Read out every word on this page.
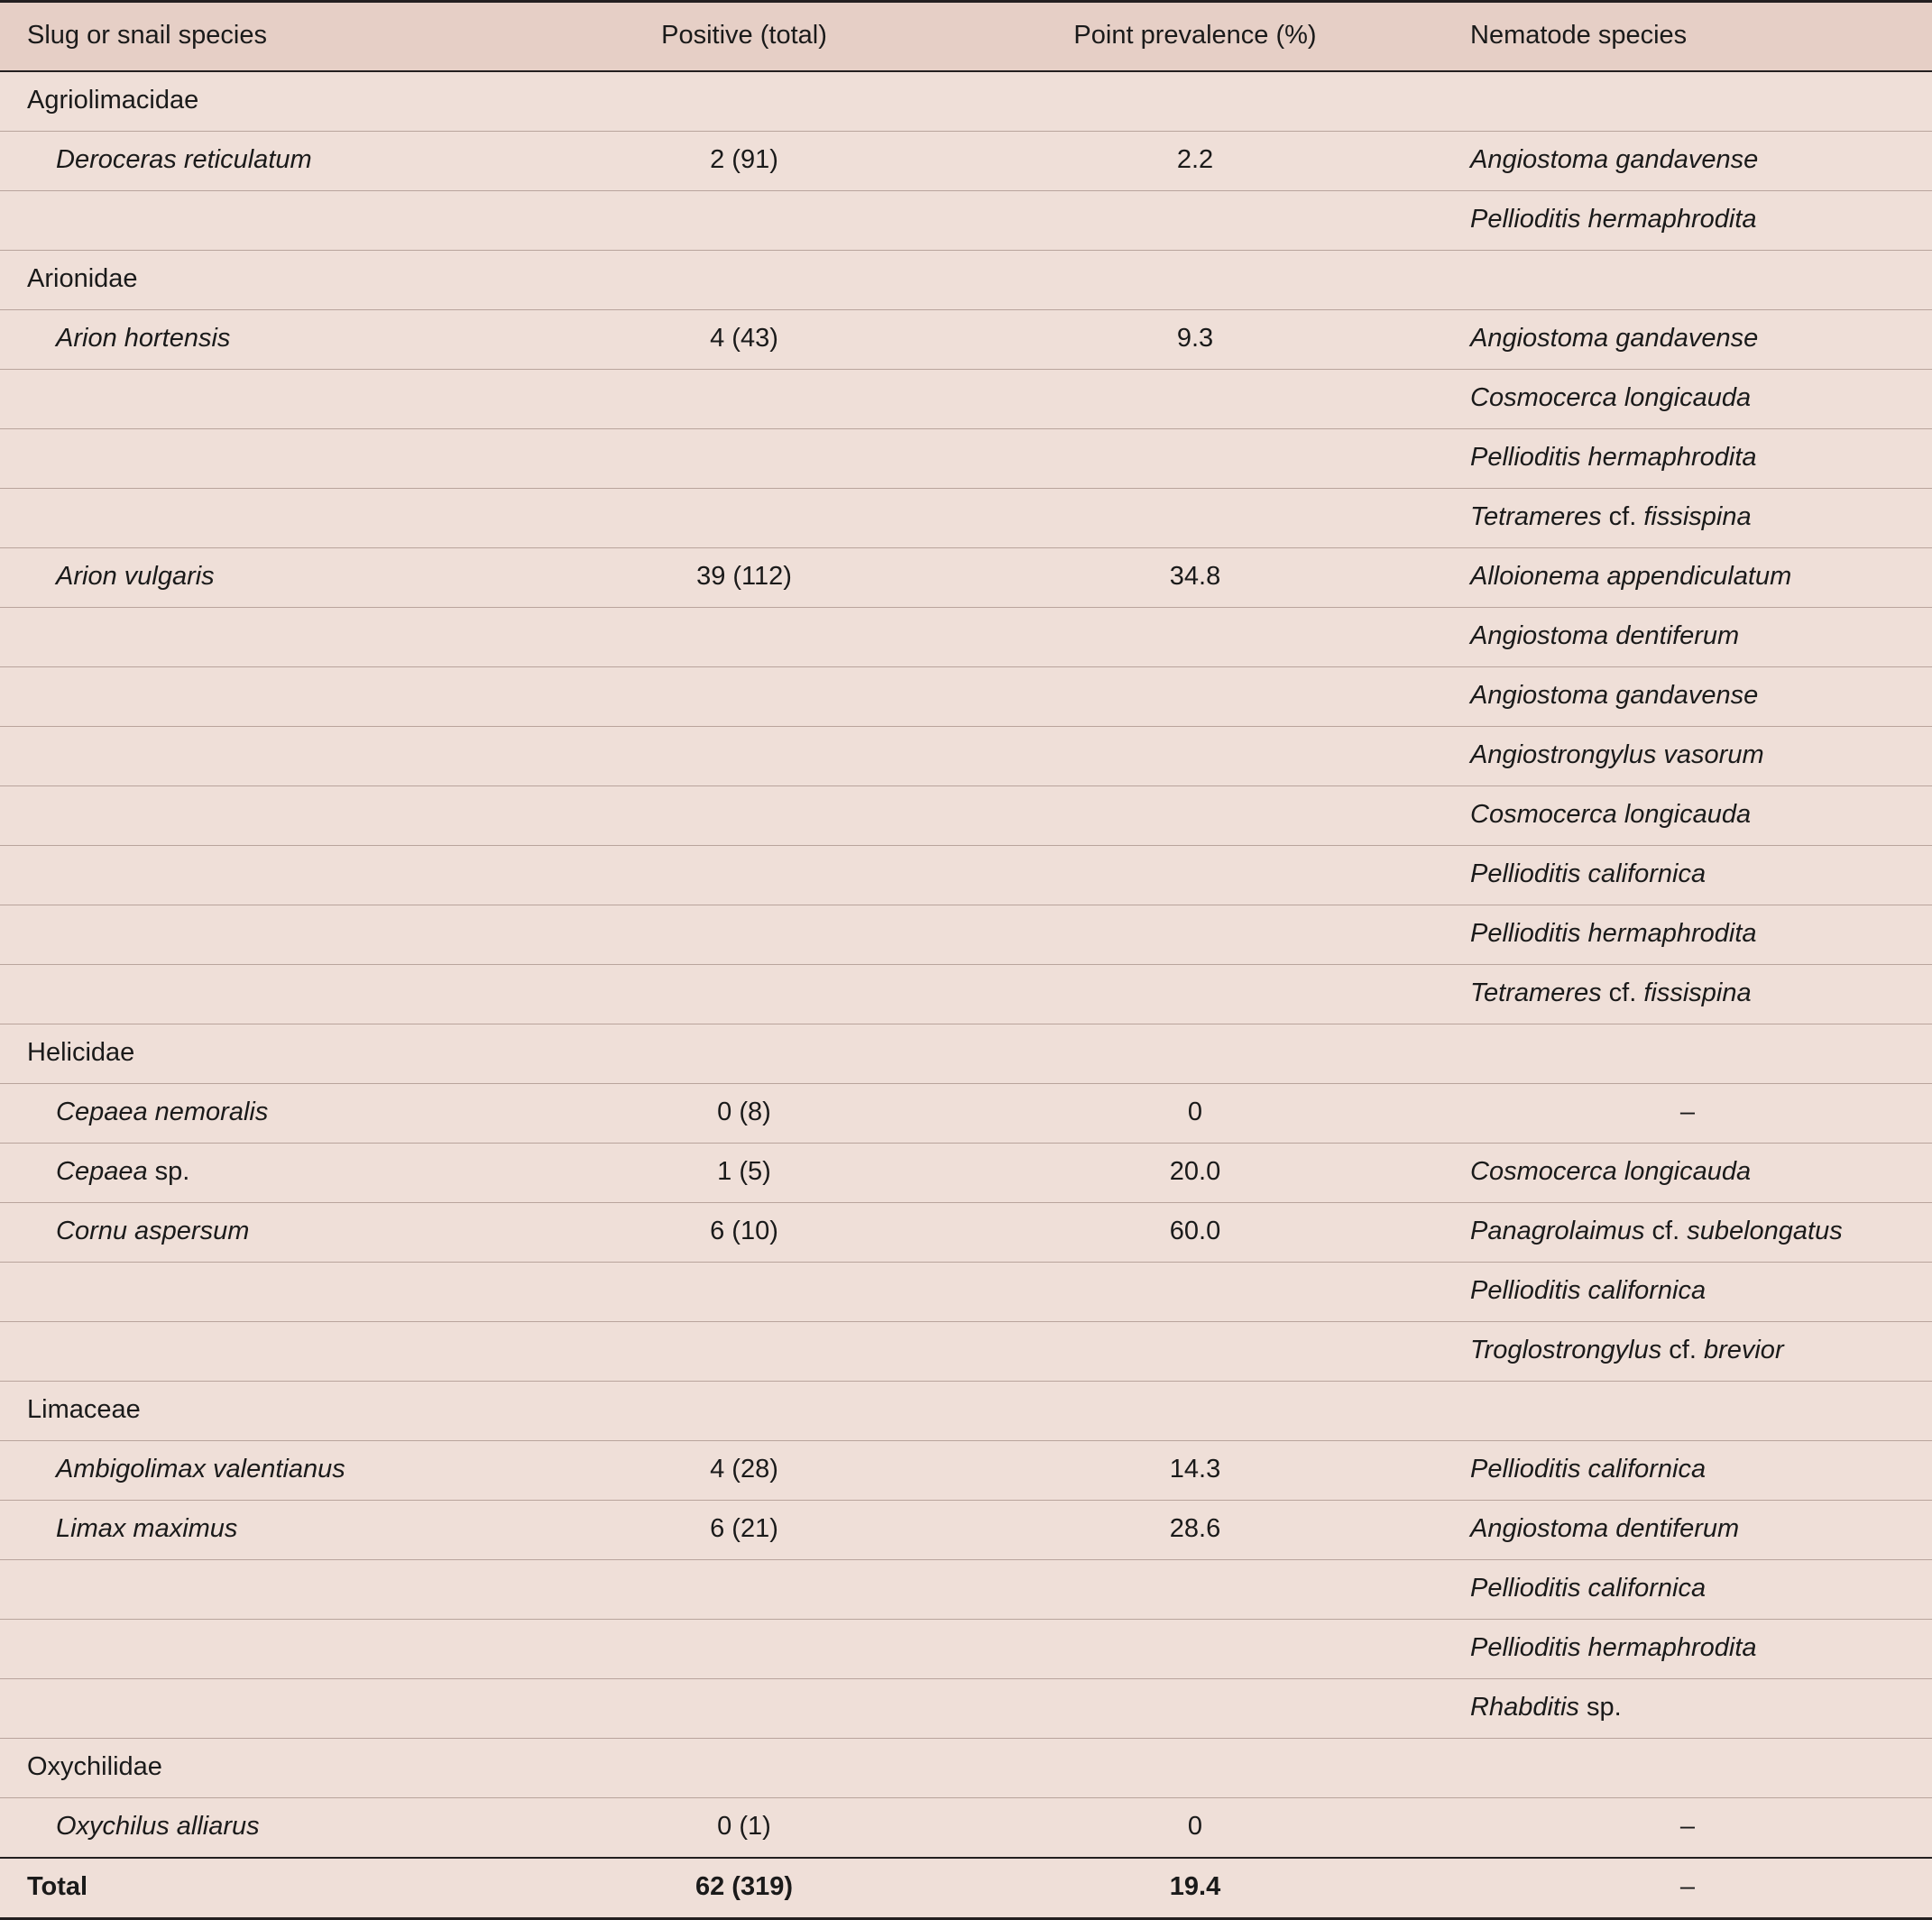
Slug or snail species	Positive (total)	Point prevalence (%)	Nematode species
Agriolimacidae			
Deroceras reticulatum	2 (91)	2.2	Angiostoma gandavense
			Pellioditis hermaphrodita
Arionidae			
Arion hortensis	4 (43)	9.3	Angiostoma gandavense
			Cosmocerca longicauda
			Pellioditis hermaphrodita
			Tetrameres cf. fissispina
Arion vulgaris	39 (112)	34.8	Alloionema appendiculatum
			Angiostoma dentiferum
			Angiostoma gandavense
			Angiostrongylus vasorum
			Cosmocerca longicauda
			Pellioditis californica
			Pellioditis hermaphrodita
			Tetrameres cf. fissispina
Helicidae			
Cepaea nemoralis	0 (8)	0	–
Cepaea sp.	1 (5)	20.0	Cosmocerca longicauda
Cornu aspersum	6 (10)	60.0	Panagrolaimus cf. subelongatus
			Pellioditis californica
			Troglostrongylus cf. brevior
Limaceae			
Ambigolimax valentianus	4 (28)	14.3	Pellioditis californica
Limax maximus	6 (21)	28.6	Angiostoma dentiferum
			Pellioditis californica
			Pellioditis hermaphrodita
			Rhabditis sp.
Oxychilidae			
Oxychilus alliarus	0 (1)	0	–
Total	62 (319)	19.4	–
